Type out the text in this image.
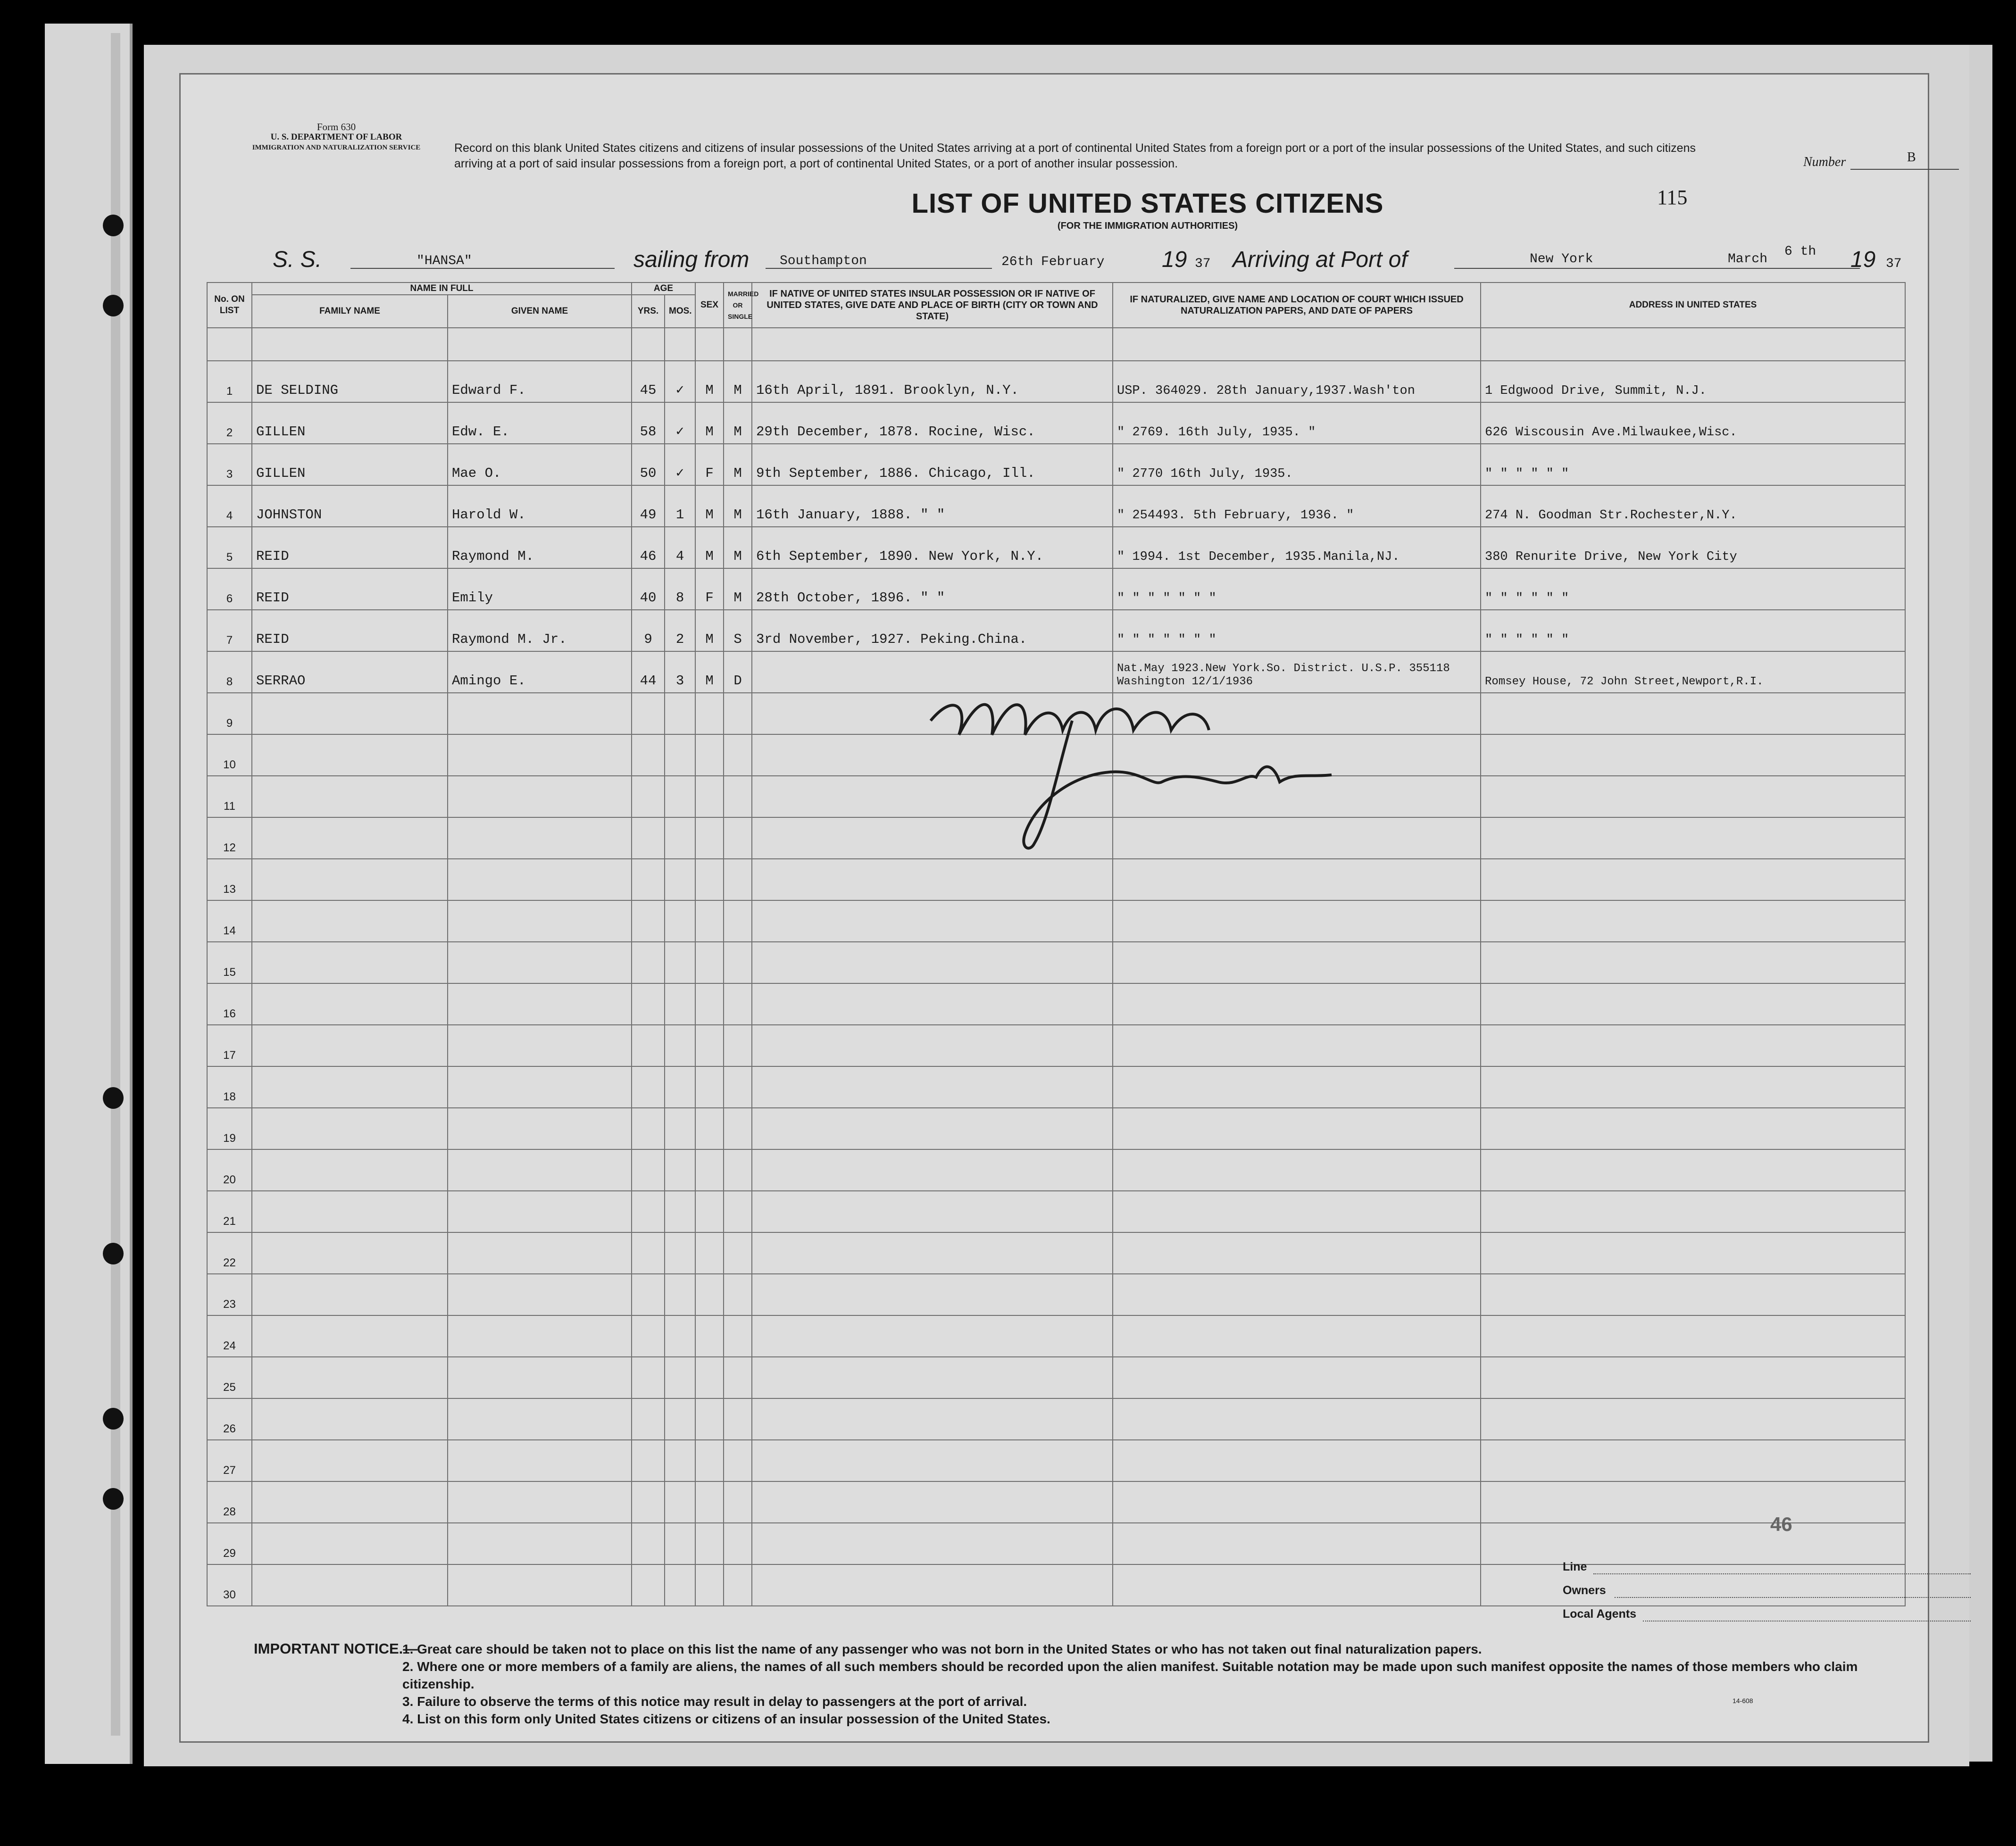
Form 630
U. S. DEPARTMENT OF LABOR
IMMIGRATION AND NATURALIZATION SERVICE	Record on this blank United States citizens and citizens of insular possessions of the United States arriving at a port of continental United States from a foreign port or a port of the insular possessions of the United States, and such citizens arriving at a port of said insular possessions from a foreign port, a port of continental United States, or a port of another insular possession.	Number	B
115
LIST OF UNITED STATES CITIZENS
(FOR THE IMMIGRATION AUTHORITIES)
S. S.	"HANSA"	sailing from Southampton	26th February	19 37 Arriving at Port of	New York	March
6 th 19 37
No. ON LIST	NAME IN FULL		AGE		SEX	MARRIED OR SINGLE	IF NATIVE OF UNITED STATES INSULAR POSSESSION OR IF NATIVE OF UNITED STATES, GIVE DATE AND PLACE OF BIRTH (CITY OR TOWN AND STATE)	IF NATURALIZED, GIVE NAME AND LOCATION OF COURT WHICH ISSUED NATURALIZATION PAPERS, AND DATE OF PAPERS	ADDRESS IN UNITED STATES
	FAMILY NAME	GIVEN NAME	YRS.	MOS.					

1	DE SELDING	Edward F.	45	✓	M	M	16th April, 1891. Brooklyn, N.Y.	USP. 364029. 28th January,1937.Wash'ton	1 Edgwood Drive, Summit, N.J.
2	GILLEN	Edw. E.	58	✓	M	M	29th December, 1878. Rocine, Wisc.	" 2769. 16th July, 1935. "	626 Wiscousin Ave.Milwaukee,Wisc.
3	GILLEN	Mae O.	50	✓	F	M	9th September, 1886. Chicago, Ill.	" 2770 16th July, 1935.	" " " " " "
4	JOHNSTON	Harold W.	49	1	M	M	16th January, 1888. " "	" 254493. 5th February, 1936. "	274 N. Goodman Str.Rochester,N.Y.
5	REID	Raymond M.	46	4	M	M	6th September, 1890. New York, N.Y.	" 1994. 1st December, 1935.Manila,NJ.	380 Renurite Drive, New York City
6	REID	Emily	40	8	F	M	28th October, 1896. " "	" " " " " " "	" " " " " "
7	REID	Raymond M. Jr.	9	2	M	S	3rd November, 1927. Peking.China.	" " " " " " "	" " " " " "
8	SERRAO	Amingo E.	44	3	M	D		Nat.May 1923.New York.So. District. U.S.P. 355118 Washington 12/1/1936	Romsey House, 72 John Street,Newport,R.I.
9									
10									
11									
12									
13									
14									
15									
16									
17									
18									
19									
20									
21									
22									
23									
24									
25									
26									
27									
28									
29									
30									
46
Line
Owners
Local Agents
IMPORTANT NOTICE.—
1. Great care should be taken not to place on this list the name of any passenger who was not born in the United States or who has not taken out final naturalization papers.
2. Where one or more members of a family are aliens, the names of all such members should be recorded upon the alien manifest. Suitable notation may be made upon such manifest opposite the names of those members who claim citizenship.
3. Failure to observe the terms of this notice may result in delay to passengers at the port of arrival.
4. List on this form only United States citizens or citizens of an insular possession of the United States.
14-608
